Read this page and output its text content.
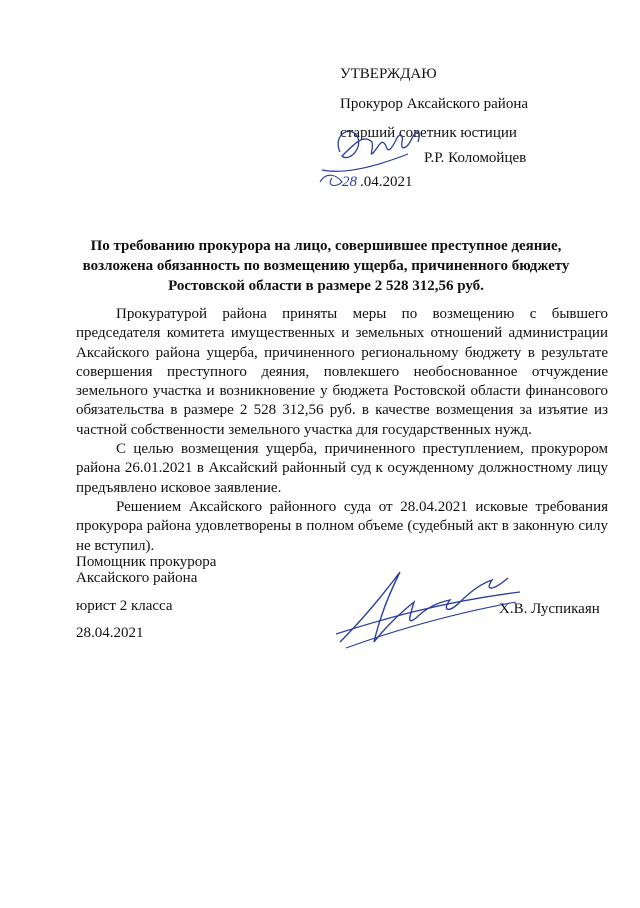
УТВЕРЖДАЮ
Прокурор Аксайского района
старший советник юстиции
Р.Р. Коломойцев
28 .04.2021
По требованию прокурора на лицо, совершившее преступное деяние, возложена обязанность по возмещению ущерба, причиненного бюджету Ростовской области в размере 2 528 312,56 руб.

Прокуратурой района приняты меры по возмещению с бывшего председателя комитета имущественных и земельных отношений администрации Аксайского района ущерба, причиненного региональному бюджету в результате совершения преступного деяния, повлекшего необоснованное отчуждение земельного участка и возникновение у бюджета Ростовской области финансового обязательства в размере 2 528 312,56 руб. в качестве возмещения за изъятие из частной собственности земельного участка для государственных нужд.

С целью возмещения ущерба, причиненного преступлением, прокурором района 26.01.2021 в Аксайский районный суд к осужденному должностному лицу предъявлено исковое заявление.

Решением Аксайского районного суда от 28.04.2021 исковые требования прокурора района удовлетворены в полном объеме (судебный акт в законную силу не вступил).

Помощник прокурора
Аксайского района
юрист 2 класса
28.04.2021
Х.В. Луспикаян
